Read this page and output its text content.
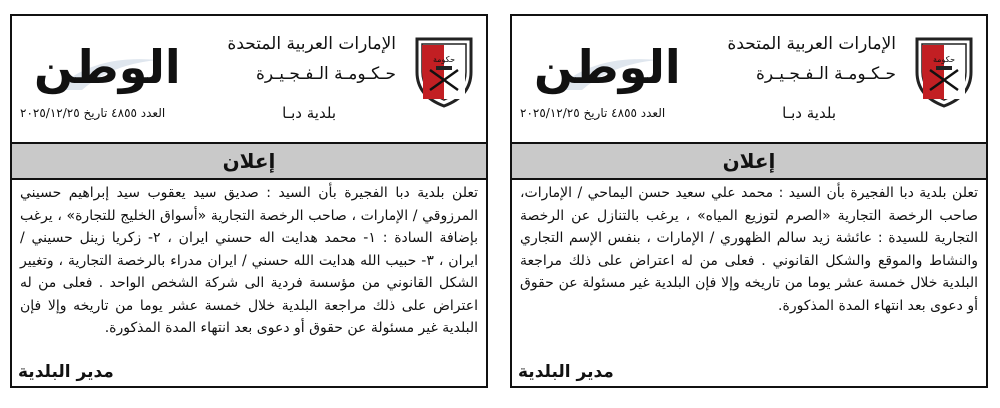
الوطن	الإمارات العربية المتحدة
حـكـومـة الـفـجـيـرة
بلدية دبـا
العدد ٤٨٥٥ تاريخ ٢٠٢٥/١٢/٢٥
حكومة
إعلان
تعلن بلدية دبا الفجيرة بأن السيد : صديق سيد يعقوب سيد إبراهيم حسيني المرزوقي / الإمارات ، صاحب الرخصة التجارية «أسواق الخليج للتجارة» ، يرغب بإضافة السادة : ١- محمد هدايت اله حسني ايران ، ٢- زكريا زينل حسيني / ايران ، ٣- حبيب الله هدايت الله حسني / ايران مدراء بالرخصة التجارية ، وتغيير الشكل القانوني من مؤسسة فردية الى شركة الشخص الواحد . فعلى من له اعتراض على ذلك مراجعة البلدية خلال خمسة عشر يوما من تاريخه وإلا فإن البلدية غير مسئولة عن حقوق أو دعوى بعد انتهاء المدة المذكورة.
مدير البلدية
الوطن	الإمارات العربية المتحدة
حـكـومـة الـفـجـيـرة
بلدية دبـا
العدد ٤٨٥٥ تاريخ ٢٠٢٥/١٢/٢٥
حكومة
إعلان
تعلن بلدية دبا الفجيرة بأن السيد : محمد علي سعيد حسن اليماحي / الإمارات، صاحب الرخصة التجارية «الصرم لتوزيع المياه» ، يرغب بالتنازل عن الرخصة التجارية للسيدة : عائشة زيد سالم الظهوري / الإمارات ، بنفس الإسم التجاري والنشاط والموقع والشكل القانوني . فعلى من له اعتراض على ذلك مراجعة البلدية خلال خمسة عشر يوما من تاريخه وإلا فإن البلدية غير مسئولة عن حقوق أو دعوى بعد انتهاء المدة المذكورة.
مدير البلدية
